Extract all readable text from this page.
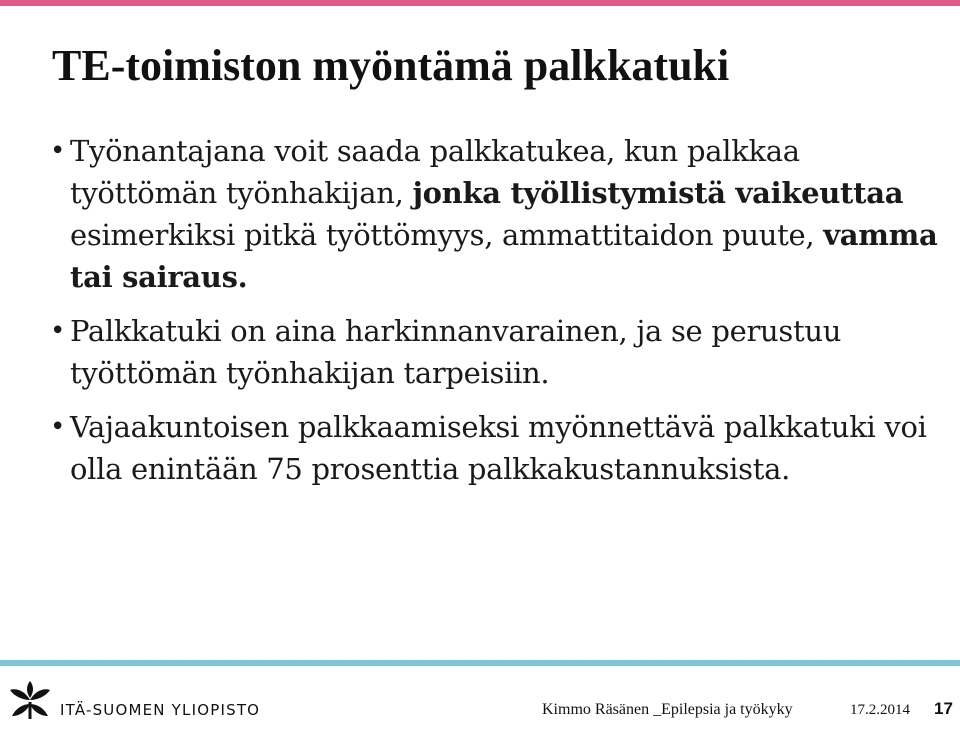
TE-toimiston myöntämä palkkatuki
• Työnantajana voit saada palkkatukea, kun palkkaa työttömän työnhakijan, jonka työllistymistä vaikeuttaa esimerkiksi pitkä työttömyys, ammattitaidon puute, vamma tai sairaus.
• Palkkatuki on aina harkinnanvarainen, ja se perustuu työttömän työnhakijan tarpeisiin.
• Vajaakuntoisen palkkaamiseksi myönnettävä palkkatuki voi olla enintään 75 prosenttia palkkakustannuksista.
ITÄ-SUOMEN YLIOPISTO	Kimmo Räsänen _Epilepsia ja työkyky	17.2.2014 17
